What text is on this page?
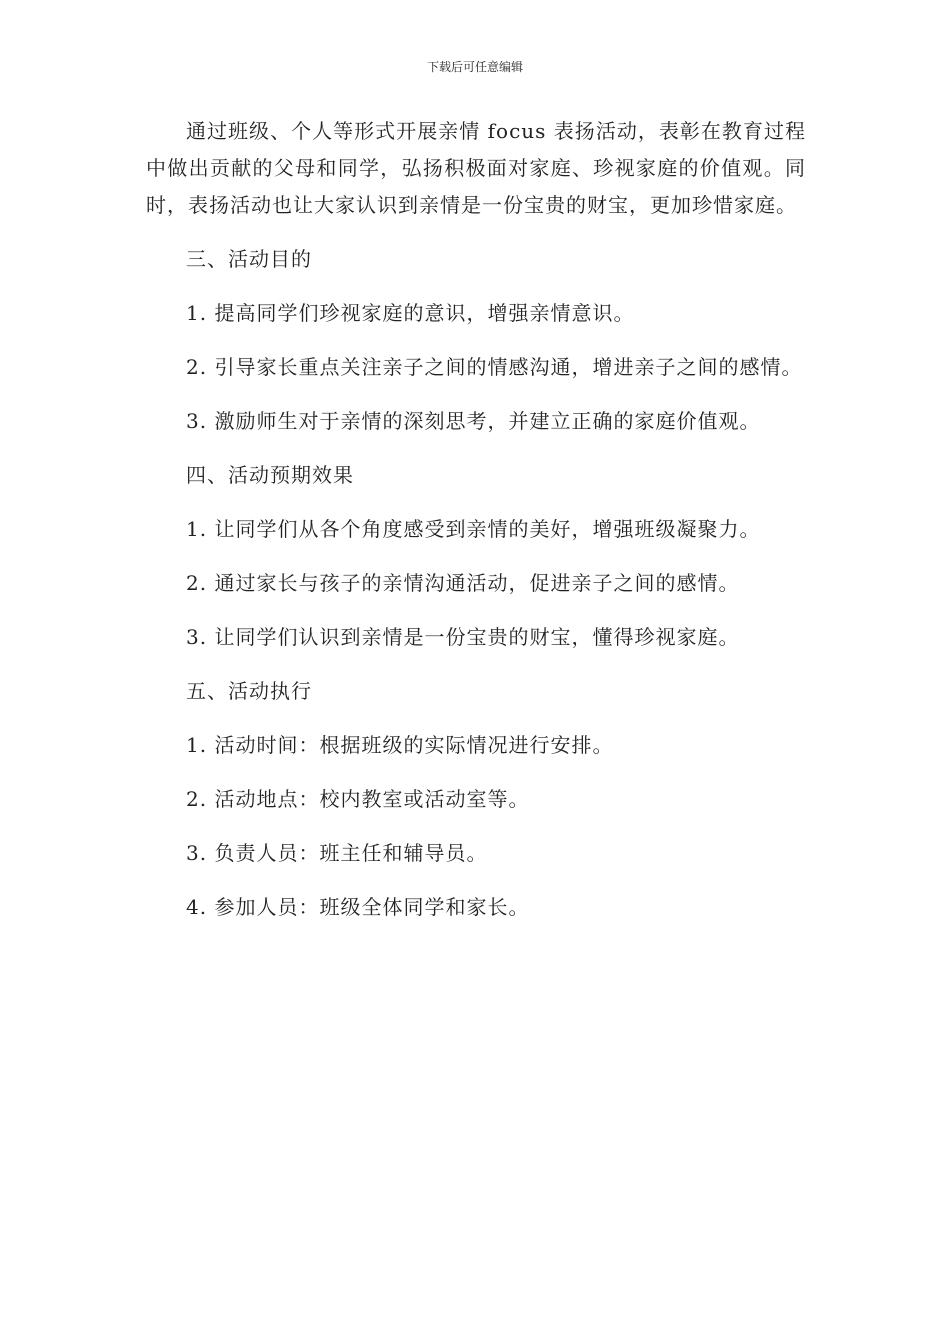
下载后可任意编辑

通过班级、个人等形式开展亲情 focus 表扬活动，表彰在教育过程中做出贡献的父母和同学，弘扬积极面对家庭、珍视家庭的价值观。同时，表扬活动也让大家认识到亲情是一份宝贵的财宝，更加珍惜家庭。

三、活动目的

1. 提高同学们珍视家庭的意识，增强亲情意识。

2. 引导家长重点关注亲子之间的情感沟通，增进亲子之间的感情。

3. 激励师生对于亲情的深刻思考，并建立正确的家庭价值观。

四、活动预期效果

1. 让同学们从各个角度感受到亲情的美好，增强班级凝聚力。

2. 通过家长与孩子的亲情沟通活动，促进亲子之间的感情。

3. 让同学们认识到亲情是一份宝贵的财宝，懂得珍视家庭。

五、活动执行

1. 活动时间：根据班级的实际情况进行安排。

2. 活动地点：校内教室或活动室等。

3. 负责人员：班主任和辅导员。

4. 参加人员：班级全体同学和家长。
